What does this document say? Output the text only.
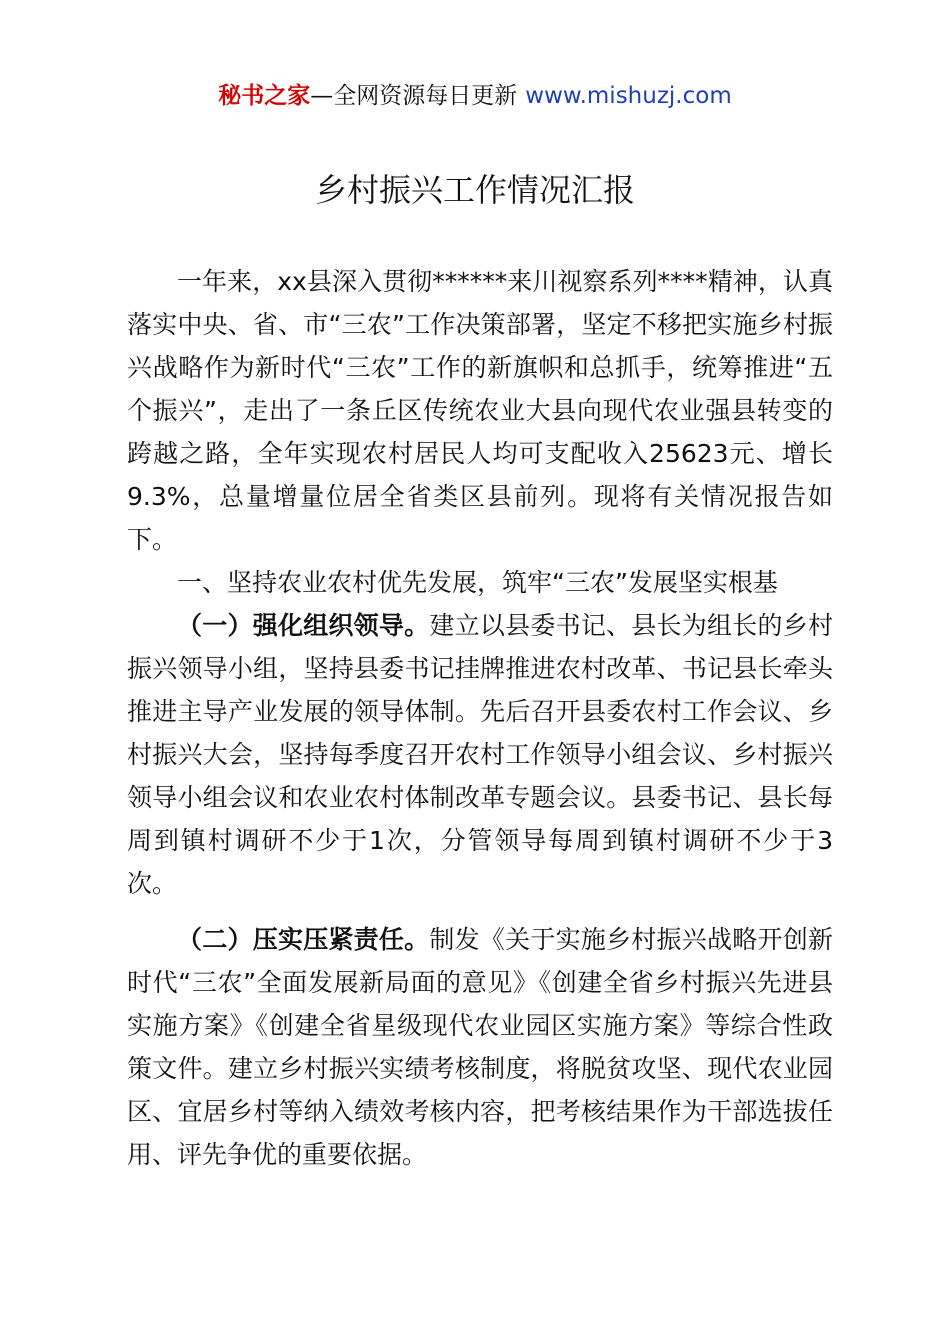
秘书之家—全网资源每日更新 www.mishuzj.com
乡村振兴工作情况汇报

一年来，xx县深入贯彻******来川视察系列****精神，认真落实中央、省、市“三农”工作决策部署，坚定不移把实施乡村振兴战略作为新时代“三农”工作的新旗帜和总抓手，统筹推进“五个振兴”，走出了一条丘区传统农业大县向现代农业强县转变的跨越之路，全年实现农村居民人均可支配收入25623元、增长9.3%，总量增量位居全省类区县前列。现将有关情况报告如下。

一、坚持农业农村优先发展，筑牢“三农”发展坚实根基

（一）强化组织领导。建立以县委书记、县长为组长的乡村振兴领导小组，坚持县委书记挂牌推进农村改革、书记县长牵头推进主导产业发展的领导体制。先后召开县委农村工作会议、乡村振兴大会，坚持每季度召开农村工作领导小组会议、乡村振兴领导小组会议和农业农村体制改革专题会议。县委书记、县长每周到镇村调研不少于1次，分管领导每周到镇村调研不少于3次。

（二）压实压紧责任。制发《关于实施乡村振兴战略开创新时代“三农”全面发展新局面的意见》《创建全省乡村振兴先进县实施方案》《创建全省星级现代农业园区实施方案》等综合性政策文件。建立乡村振兴实绩考核制度，将脱贫攻坚、现代农业园区、宜居乡村等纳入绩效考核内容，把考核结果作为干部选拔任用、评先争优的重要依据。
